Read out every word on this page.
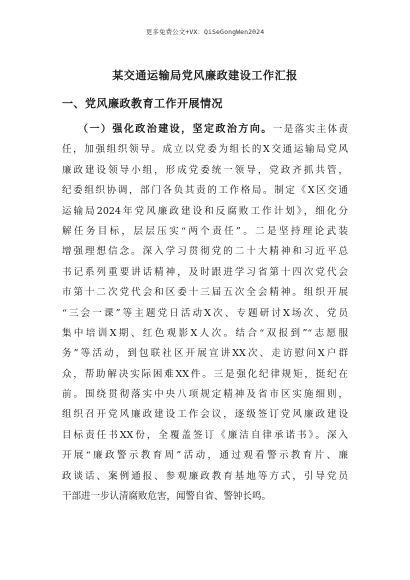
更多免费公文+VX：QiSeGongWen2024
某交通运输局党风廉政建设工作汇报
一、党风廉政教育工作开展情况
（一）强化政治建设，坚定政治方向。一是落实主体责
任，加强组织领导。成立以党委为组长的X交通运输局党风
廉政建设领导小组，形成党委统一领导，党政齐抓共管，
纪委组织协调，部门各负其责的工作格局。制定《X区交通
运输局2024年党风廉政建设和反腐败工作计划》，细化分
解任务目标，层层压实“两个责任”。二是坚持理论武装
增强理想信念。深入学习贯彻党的二十大精神和习近平总
书记系列重要讲话精神，及时跟进学习省第十四次党代会
市第十二次党代会和区委十三届五次全会精神。组织开展
“三会一课”等主题党日活动X次、专题研讨X场次、党员
集中培训X期、红色观影X人次。结合“双报到”“志愿服
务”等活动，到包联社区开展宣讲XX次、走访慰问X户群
众，帮助解决实际困难XX件。三是强化纪律规矩，挺纪在
前。围绕贯彻落实中央八项规定精神及省市区实施细则，
组织召开党风廉政建设工作会议，逐级签订党风廉政建设
目标责任书XX份，全覆盖签订《廉洁自律承诺书》。深入
开展“廉政警示教育周”活动，通过观看警示教育片、廉
政谈话、案例通报、参观廉政教育基地等方式，引导党员
干部进一步认清腐败危害，闻警自省、警钟长鸣。
